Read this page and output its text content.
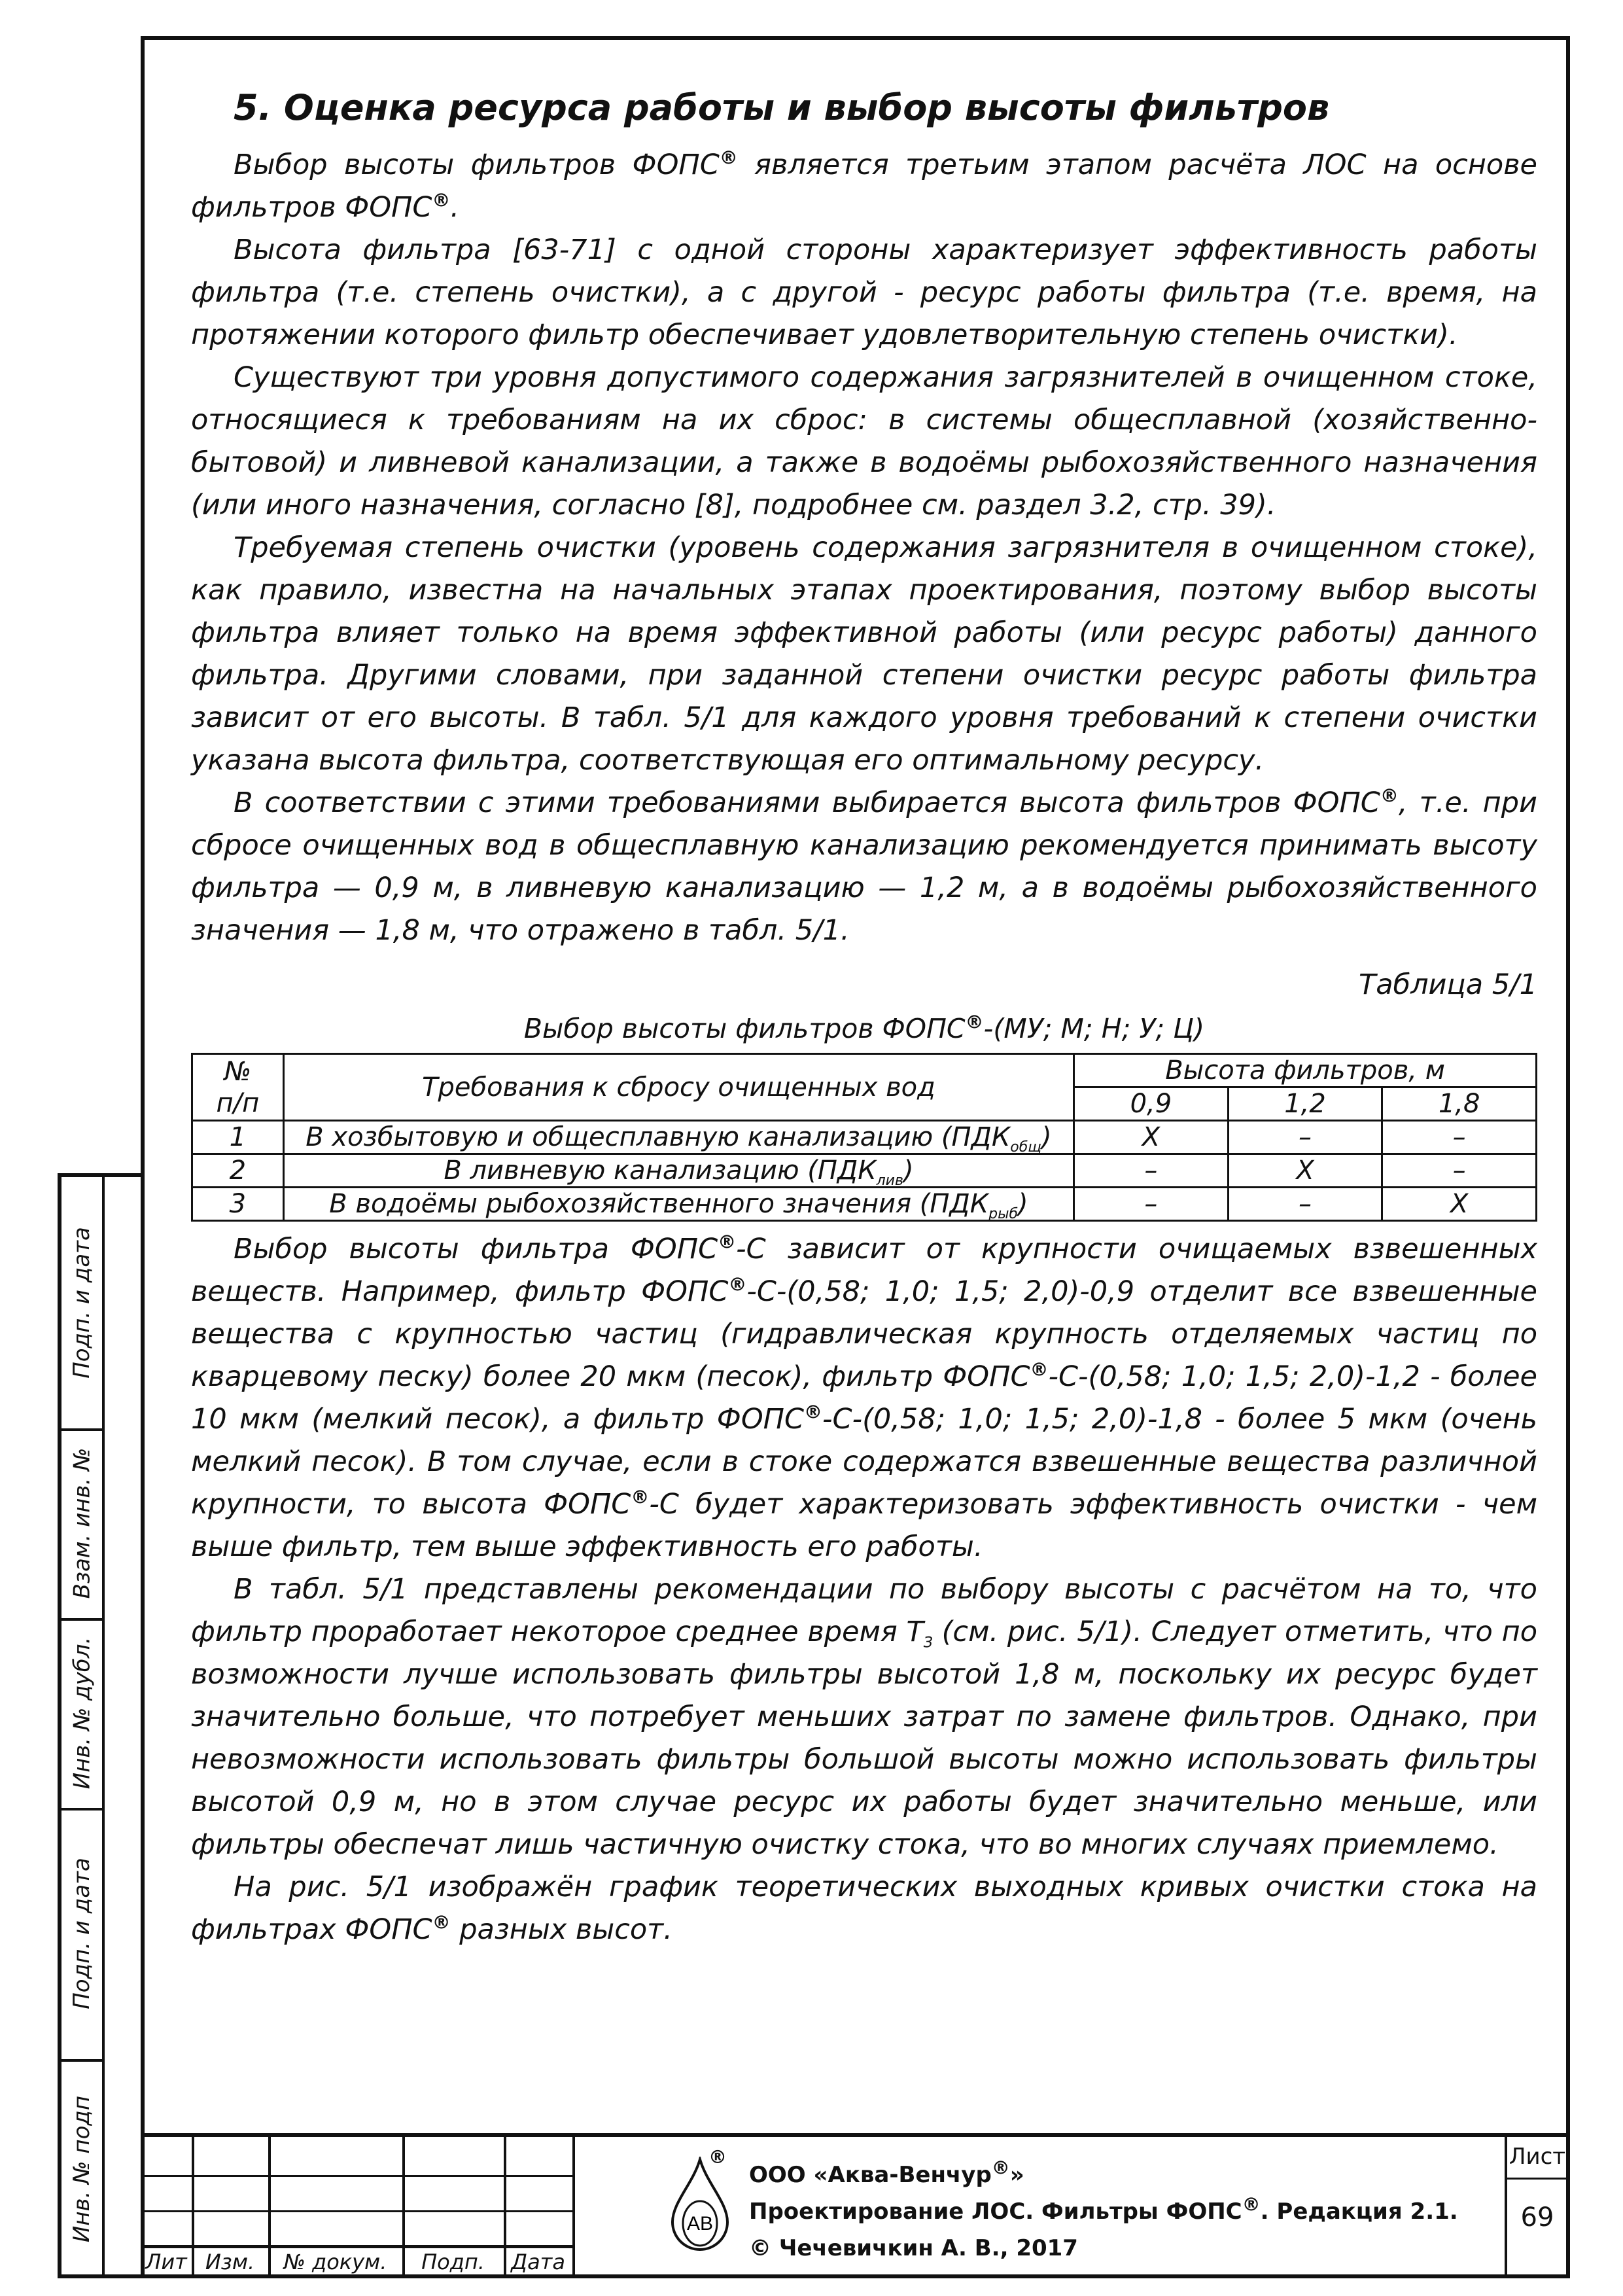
Подп. и дата
Взам. инв. №
Инв. № дубл.
Подп. и дата
Инв. № подп
5. Оценка ресурса работы и выбор высоты фильтров

Выбор высоты фильтров ФОПС® является третьим этапом расчёта ЛОС на основе фильтров ФОПС®.

Высота фильтра [63-71] с одной стороны характеризует эффективность работы фильтра (т.е. степень очистки), а с другой - ресурс работы фильтра (т.е. время, на протяжении которого фильтр обеспечивает удовлетворительную степень очистки).

Существуют три уровня допустимого содержания загрязнителей в очищенном стоке, относящиеся к требованиям на их сброс: в системы общесплавной (хозяйственно-бытовой) и ливневой канализации, а также в водоёмы рыбохозяйственного назначения (или иного назначения, согласно [8], подробнее см. раздел 3.2, стр. 39).

Требуемая степень очистки (уровень содержания загрязнителя в очищенном стоке), как правило, известна на начальных этапах проектирования, поэтому выбор высоты фильтра влияет только на время эффективной работы (или ресурс работы) данного фильтра. Другими словами, при заданной степени очистки ресурс работы фильтра зависит от его высоты. В табл. 5/1 для каждого уровня требований к степени очистки указана высота фильтра, соответствующая его оптимальному ресурсу.

В соответствии с этими требованиями выбирается высота фильтров ФОПС®, т.е. при сбросе очищенных вод в общесплавную канализацию рекомендуется принимать высоту фильтра — 0,9 м, в ливневую канализацию — 1,2 м, а в водоёмы рыбохозяйственного значения — 1,8 м, что отражено в табл. 5/1.

Таблица 5/1
Выбор высоты фильтров ФОПС®-(МУ; М; Н; У; Ц)
№
п/п	Требования к сбросу очищенных вод	Высота фильтров, м		
		0,9	1,2	1,8
1	В хозбытовую и общесплавную канализацию $(ПДК_{общ})$	X	–	–
2	В ливневую канализацию $(ПДК_{лив})$	–	X	–
3	В водоёмы рыбохозяйственного значения $(ПДК_{рыб})$	–	–	X

Выбор высоты фильтра ФОПС®-С зависит от крупности очищаемых взвешенных веществ. Например, фильтр ФОПС®-С-(0,58; 1,0; 1,5; 2,0)-0,9 отделит все взвешенные вещества с крупностью частиц (гидравлическая крупность отделяемых частиц по кварцевому песку) более 20 мкм (песок), фильтр ФОПС®-С-(0,58; 1,0; 1,5; 2,0)-1,2 - более 10 мкм (мелкий песок), а фильтр ФОПС®-С-(0,58; 1,0; 1,5; 2,0)-1,8 - более 5 мкм (очень мелкий песок). В том случае, если в стоке содержатся взвешенные вещества различной крупности, то высота ФОПС®-С будет характеризовать эффективность очистки - чем выше фильтр, тем выше эффективность его работы.

В табл. 5/1 представлены рекомендации по выбору высоты с расчётом на то, что фильтр проработает некоторое среднее время $Т_З$ (см. рис. 5/1). Следует отметить, что по возможности лучше использовать фильтры высотой 1,8 м, поскольку их ресурс будет значительно больше, что потребует меньших затрат по замене фильтров. Однако, при невозможности использовать фильтры большой высоты можно использовать фильтры высотой 0,9 м, но в этом случае ресурс их работы будет значительно меньше, или фильтры обеспечат лишь частичную очистку стока, что во многих случаях приемлемо.

На рис. 5/1 изображён график теоретических выходных кривых очистки стока на фильтрах ФОПС® разных высот.

Лит Изм.	№ докум.	Подп.	Дата
АВ
®
ООО «Аква-Венчур®»
Проектирование ЛОС. Фильтры ФОПС®. Редакция 2.1.
© Чечевичкин А. В., 2017
Лист
69
